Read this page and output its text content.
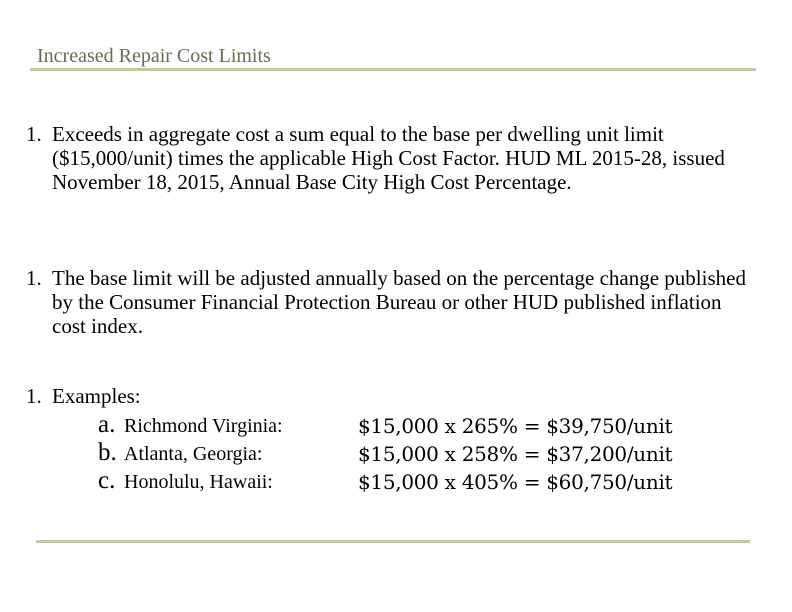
Increased Repair Cost Limits
1. Exceeds in aggregate cost a sum equal to the base per dwelling unit limit ($15,000/unit) times the applicable High Cost Factor. HUD ML 2015-28, issued November 18, 2015, Annual Base City High Cost Percentage.
1. The base limit will be adjusted annually based on the percentage change published by the Consumer Financial Protection Bureau or other HUD published inflation cost index.
1. Examples:
a. Richmond Virginia:	$15,000 x 265% = $39,750/unit
b. Atlanta, Georgia:	$15,000 x 258% = $37,200/unit
c. Honolulu, Hawaii:	$15,000 x 405% = $60,750/unit
